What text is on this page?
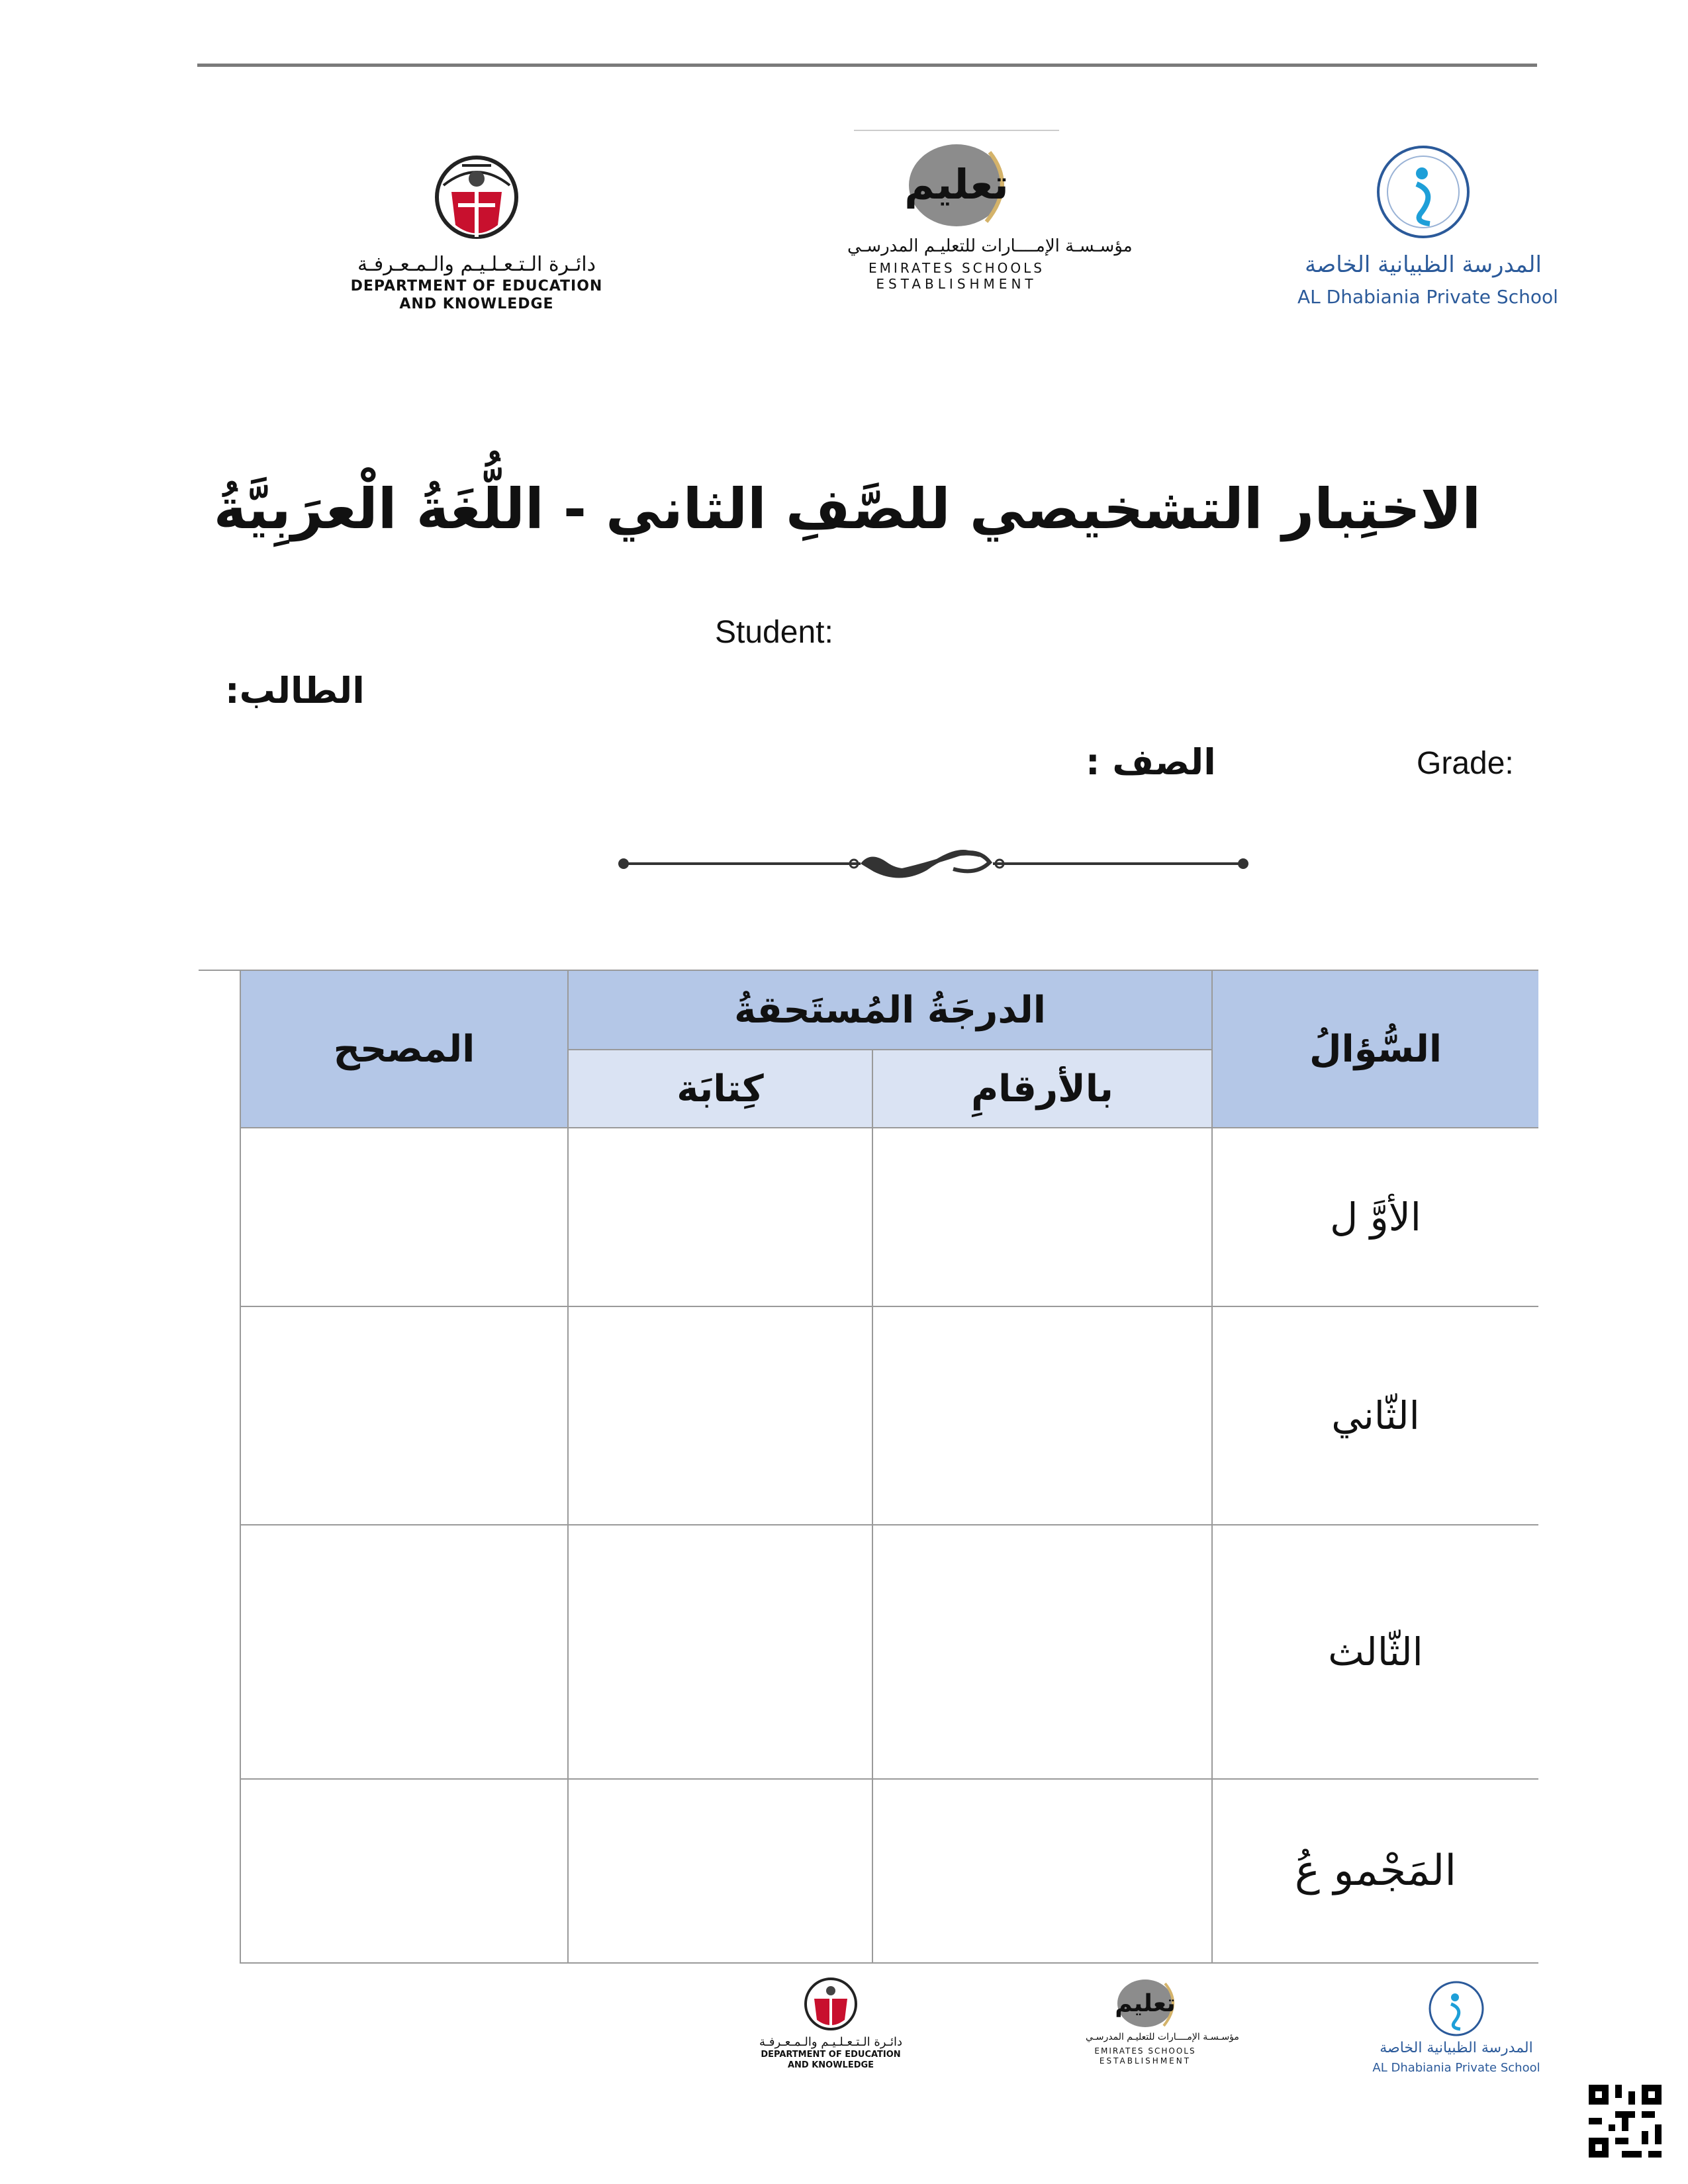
دائـرة الـتـعـلـيـم والـمـعـرفـة
DEPARTMENT OF EDUCATION
AND KNOWLEDGE
تعليم
مؤسـسـة الإمــــارات للتعليـم المدرسـي
EMIRATES SCHOOLS
ESTABLISHMENT
المدرسة الظبيانية الخاصة
AL Dhabiania Private School
الاختِبار التشخيصي للصَّفِ الثاني - اللُّغَةُ الْعرَبِيَّةُ
Student:
الطالب:
الصف :	Grade:
المصحح
الدرجَةُ المُستَحقةُ
كِتابَة	بالأرقامِ
السُّؤالُ
الأوَّ ل
الثّاني
الثّالث
المَجْمو عُ
دائـرة الـتـعـلـيـم والـمـعـرفـة
DEPARTMENT OF EDUCATION
AND KNOWLEDGE
تعليم
مؤسـسـة الإمــــارات للتعليـم المدرسـي
EMIRATES SCHOOLS
ESTABLISHMENT
المدرسة الظبيانية الخاصة
AL Dhabiania Private School
